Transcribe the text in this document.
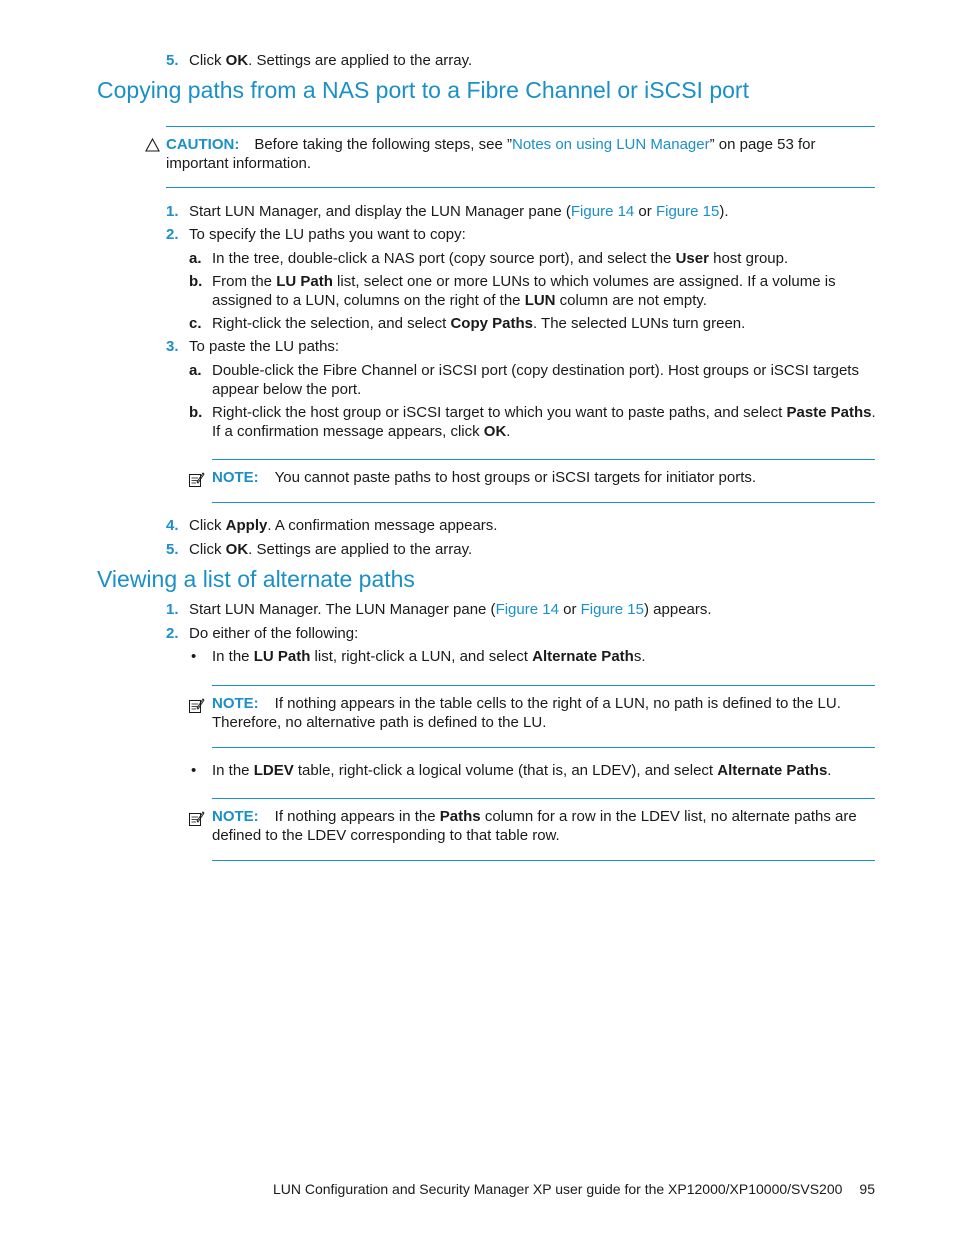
5. Click OK. Settings are applied to the array.
Copying paths from a NAS port to a Fibre Channel or iSCSI port
CAUTION: Before taking the following steps, see ”Notes on using LUN Manager” on page 53 for
important information.
1. Start LUN Manager, and display the LUN Manager pane (Figure 14 or Figure 15).
2. To specify the LU paths you want to copy:
a. In the tree, double-click a NAS port (copy source port), and select the User host group.
b. From the LU Path list, select one or more LUNs to which volumes are assigned. If a volume is
assigned to a LUN, columns on the right of the LUN column are not empty.
c. Right-click the selection, and select Copy Paths. The selected LUNs turn green.
3. To paste the LU paths:
a. Double-click the Fibre Channel or iSCSI port (copy destination port). Host groups or iSCSI targets
appear below the port.
b. Right-click the host group or iSCSI target to which you want to paste paths, and select Paste Paths.
If a confirmation message appears, click OK.
NOTE: You cannot paste paths to host groups or iSCSI targets for initiator ports.
4. Click Apply. A confirmation message appears.
5. Click OK. Settings are applied to the array.
Viewing a list of alternate paths
1. Start LUN Manager. The LUN Manager pane (Figure 14 or Figure 15) appears.
2. Do either of the following:
• In the LU Path list, right-click a LUN, and select Alternate Paths.
NOTE: If nothing appears in the table cells to the right of a LUN, no path is defined to the LU.
Therefore, no alternative path is defined to the LU.
• In the LDEV table, right-click a logical volume (that is, an LDEV), and select Alternate Paths.
NOTE: If nothing appears in the Paths column for a row in the LDEV list, no alternate paths are
defined to the LDEV corresponding to that table row.
LUN Configuration and Security Manager XP user guide for the XP12000/XP10000/SVS200 95
